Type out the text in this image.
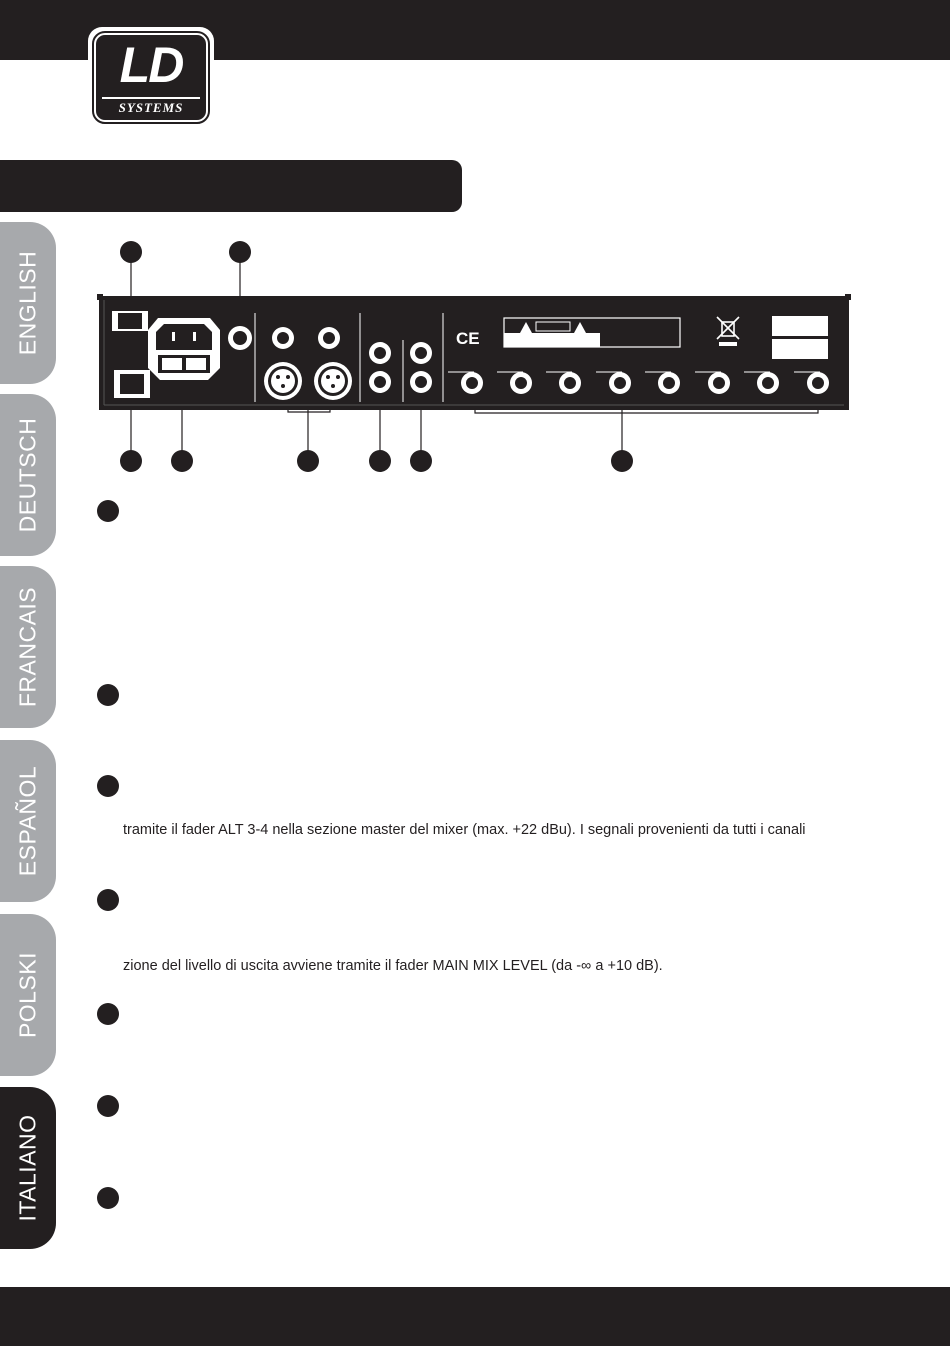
LD
SYSTEMS
ENGLISH
DEUTSCH
FRANCAIS
ESPAÑOL
POLSKI
ITALIANO
CE
tramite il fader ALT 3-4 nella sezione master del mixer (max. +22 dBu). I segnali provenienti da tutti i canali
zione del livello di uscita avviene tramite il fader MAIN MIX LEVEL (da -∞ a +10 dB).
